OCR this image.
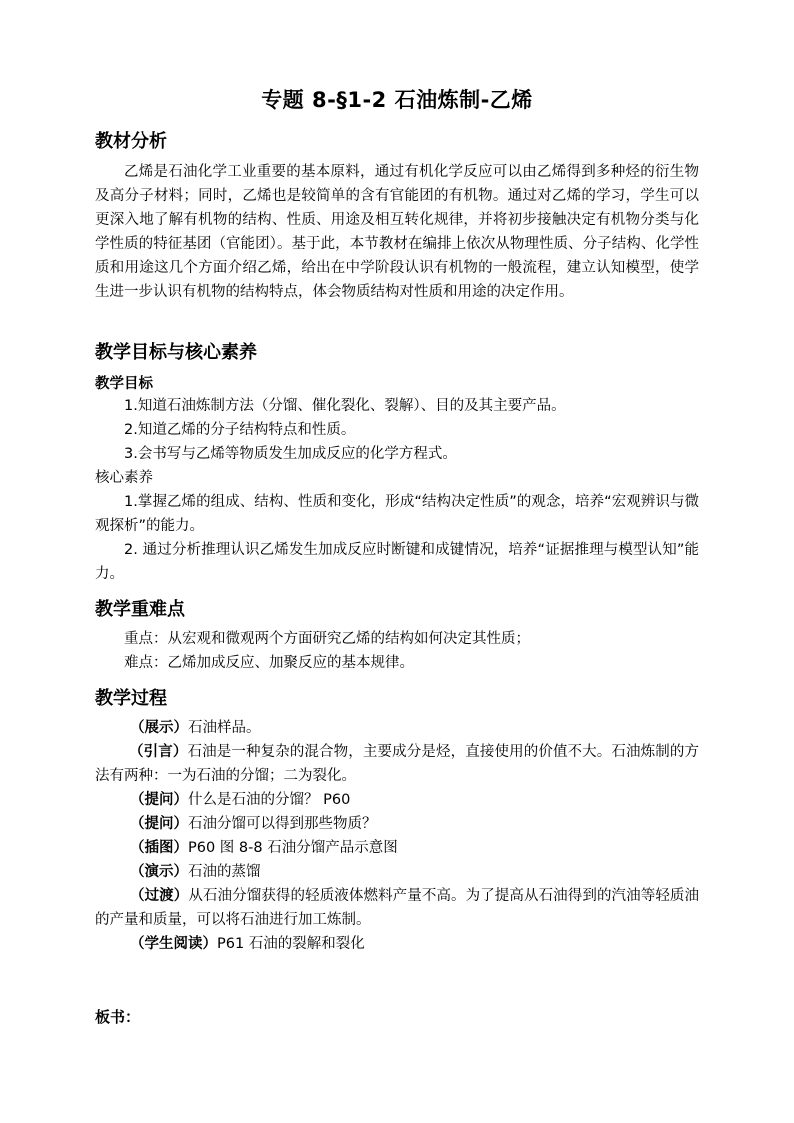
专题 8-§1-2 石油炼制-乙烯
教材分析

乙烯是石油化学工业重要的基本原料，通过有机化学反应可以由乙烯得到多种烃的衍生物及高分子材料；同时，乙烯也是较简单的含有官能团的有机物。通过对乙烯的学习，学生可以更深入地了解有机物的结构、性质、用途及相互转化规律，并将初步接触决定有机物分类与化学性质的特征基团（官能团）。基于此，本节教材在编排上依次从物理性质、分子结构、化学性质和用途这几个方面介绍乙烯，给出在中学阶段认识有机物的一般流程，建立认知模型，使学生进一步认识有机物的结构特点，体会物质结构对性质和用途的决定作用。

教学目标与核心素养
教学目标
1.知道石油炼制方法（分馏、催化裂化、裂解）、目的及其主要产品。
2.知道乙烯的分子结构特点和性质。
3.会书写与乙烯等物质发生加成反应的化学方程式。
核心素养

1.掌握乙烯的组成、结构、性质和变化，形成“结构决定性质”的观念，培养“宏观辨识与微观探析”的能力。

2. 通过分析推理认识乙烯发生加成反应时断键和成键情况，培养“证据推理与模型认知”能力。

教学重难点
重点：从宏观和微观两个方面研究乙烯的结构如何决定其性质；
难点：乙烯加成反应、加聚反应的基本规律。
教学过程
（展示）石油样品。

（引言）石油是一种复杂的混合物，主要成分是烃，直接使用的价值不大。石油炼制的方法有两种：一为石油的分馏；二为裂化。

（提问）什么是石油的分馏？ P60
（提问）石油分馏可以得到那些物质？
（插图）P60 图 8-8 石油分馏产品示意图
（演示）石油的蒸馏

（过渡）从石油分馏获得的轻质液体燃料产量不高。为了提高从石油得到的汽油等轻质油的产量和质量，可以将石油进行加工炼制。

（学生阅读）P61 石油的裂解和裂化
板书：
